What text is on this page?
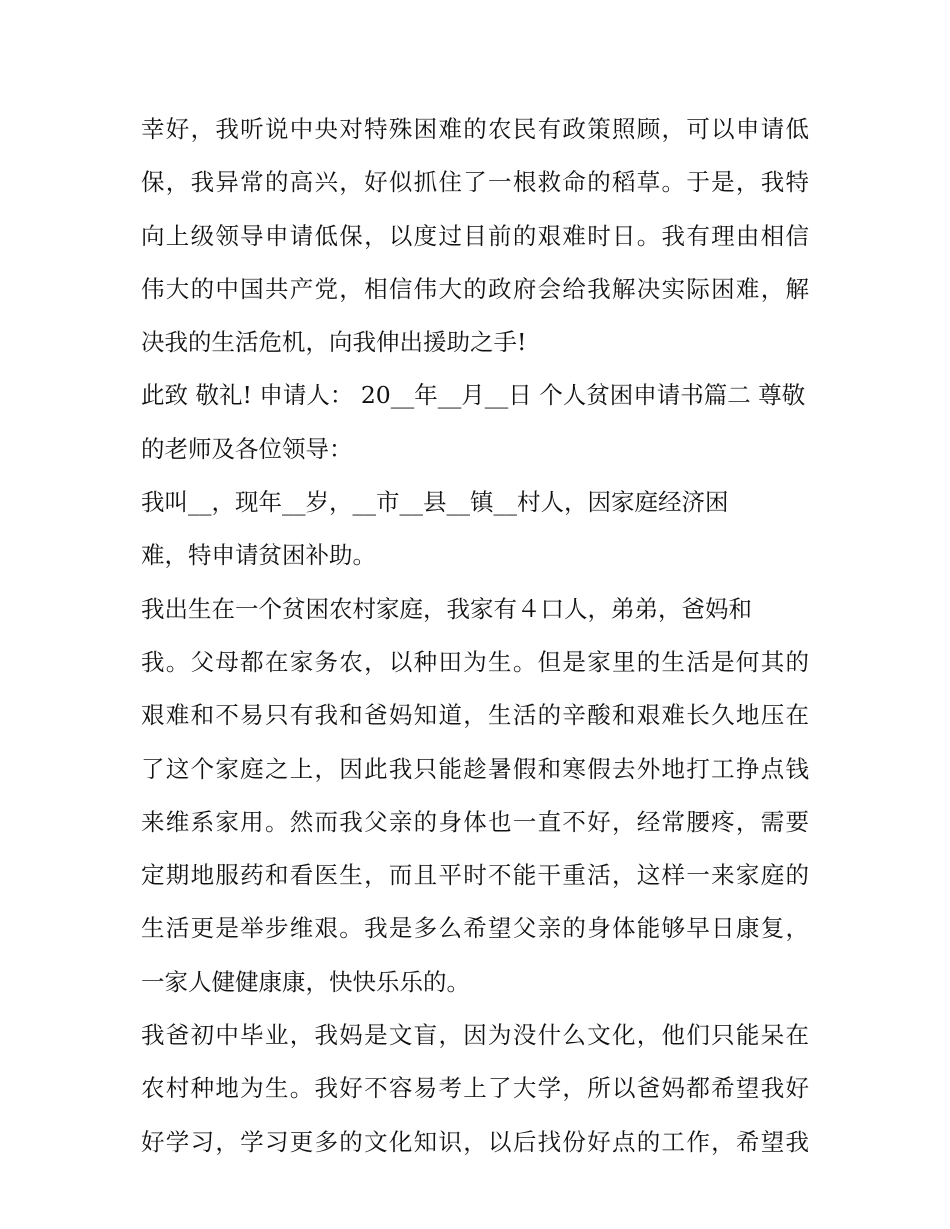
幸好，我听说中央对特殊困难的农民有政策照顾，可以申请低
保，我异常的高兴，好似抓住了一根救命的稻草。于是，我特
向上级领导申请低保，以度过目前的艰难时日。我有理由相信
伟大的中国共产党，相信伟大的政府会给我解决实际困难，解
决我的生活危机，向我伸出援助之手!
此致 敬礼! 申请人： 20__年__月__日 个人贫困申请书篇二 尊敬
的老师及各位领导：
我叫__，现年__岁，__市__县__镇__村人，因家庭经济困
难，特申请贫困补助。
我出生在一个贫困农村家庭，我家有４口人，弟弟，爸妈和
我。父母都在家务农，以种田为生。但是家里的生活是何其的
艰难和不易只有我和爸妈知道，生活的辛酸和艰难长久地压在
了这个家庭之上，因此我只能趁暑假和寒假去外地打工挣点钱
来维系家用。然而我父亲的身体也一直不好，经常腰疼，需要
定期地服药和看医生，而且平时不能干重活，这样一来家庭的
生活更是举步维艰。我是多么希望父亲的身体能够早日康复，
一家人健健康康，快快乐乐的。
我爸初中毕业，我妈是文盲，因为没什么文化，他们只能呆在
农村种地为生。我好不容易考上了大学，所以爸妈都希望我好
好学习，学习更多的文化知识，以后找份好点的工作，希望我
